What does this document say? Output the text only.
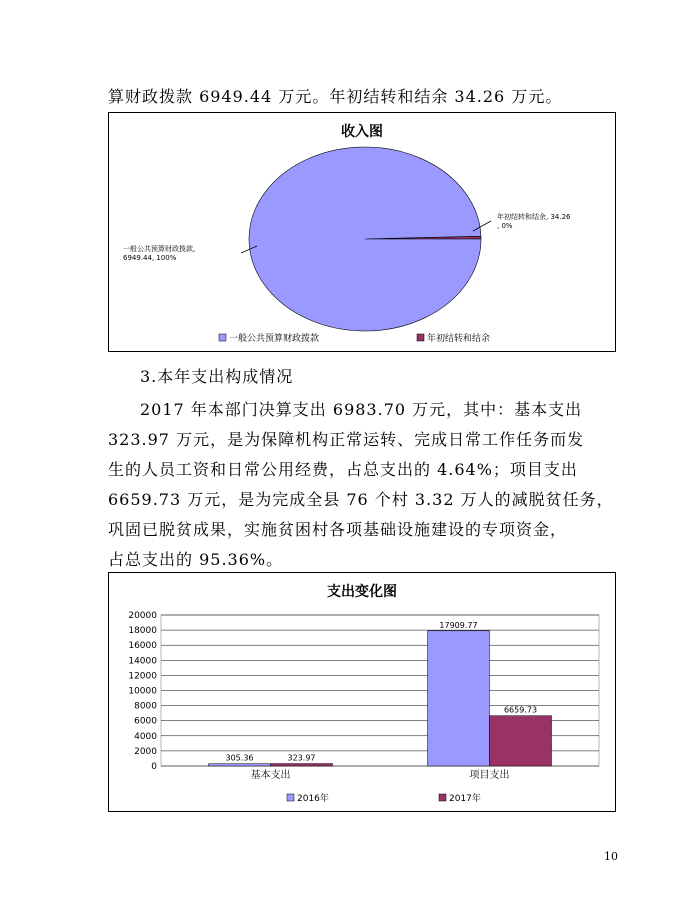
算财政拨款 6949.44 万元。年初结转和结余 34.26 万元。
收入图
一般公共预算财政拨款, 6949.44, 100%
年初结转和结余, 34.26 , 0%
一般公共预算财政拨款	年初结转和结余
3.本年支出构成情况
2017 年本部门决算支出 6983.70 万元，其中：基本支出
323.97 万元，是为保障机构正常运转、完成日常工作任务而发
生的人员工资和日常公用经费，占总支出的 4.64%；项目支出
6659.73 万元，是为完成全县 76 个村 3.32 万人的减脱贫任务，
巩固已脱贫成果，实施贫困村各项基础设施建设的专项资金，
占总支出的 95.36%。
支出变化图
305.36	323.97
17909.77
6659.73
20000
18000
16000
14000
12000
10000
8000
6000
4000
2000
0
基本支出	项目支出
2016年	2017年
10
